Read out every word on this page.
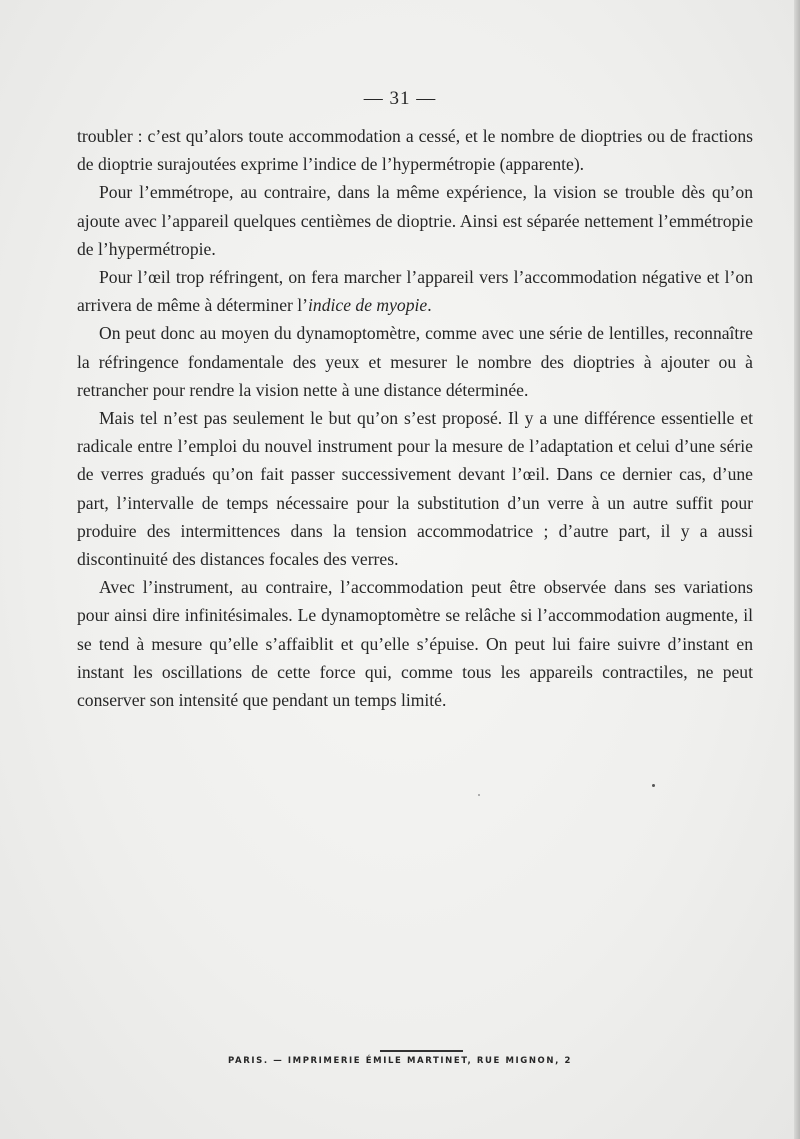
— 31 —

troubler : c’est qu’alors toute accommodation a cessé, et le nombre de dioptries ou de fractions de dioptrie surajoutées exprime l’indice de l’hypermétropie (apparente).

Pour l’emmétrope, au contraire, dans la même expérience, la vision se trouble dès qu’on ajoute avec l’appareil quelques centièmes de dioptrie. Ainsi est séparée nettement l’emmétropie de l’hypermétropie.

Pour l’œil trop réfringent, on fera marcher l’appareil vers l’accommodation négative et l’on arrivera de même à déterminer l’indice de myopie.

On peut donc au moyen du dynamoptomètre, comme avec une série de lentilles, reconnaître la réfringence fondamentale des yeux et mesurer le nombre des dioptries à ajouter ou à retrancher pour rendre la vision nette à une distance déterminée.

Mais tel n’est pas seulement le but qu’on s’est proposé. Il y a une différence essentielle et radicale entre l’emploi du nouvel instrument pour la mesure de l’adaptation et celui d’une série de verres gradués qu’on fait passer successivement devant l’œil. Dans ce dernier cas, d’une part, l’intervalle de temps nécessaire pour la substitution d’un verre à un autre suffit pour produire des intermittences dans la tension accommodatrice ; d’autre part, il y a aussi discontinuité des distances focales des verres.

Avec l’instrument, au contraire, l’accommodation peut être observée dans ses variations pour ainsi dire infinitésimales. Le dynamoptomètre se relâche si l’accommodation augmente, il se tend à mesure qu’elle s’affaiblit et qu’elle s’épuise. On peut lui faire suivre d’instant en instant les oscillations de cette force qui, comme tous les appareils contractiles, ne peut conserver son intensité que pendant un temps limité.

PARIS. — IMPRIMERIE ÉMILE MARTINET, RUE MIGNON, 2
